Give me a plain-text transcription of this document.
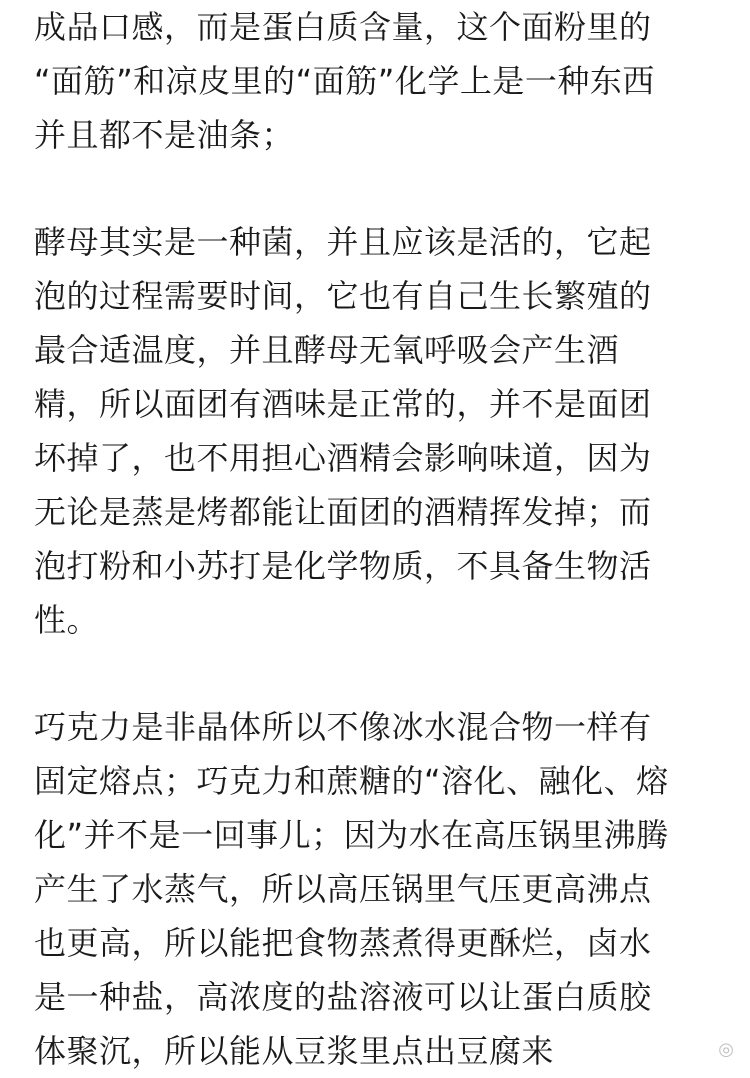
成品口感，而是蛋白质含量，这个面粉里的
“面筋”和凉皮里的“面筋”化学上是一种东西
并且都不是油条；
酵母其实是一种菌，并且应该是活的，它起
泡的过程需要时间，它也有自己生长繁殖的
最合适温度，并且酵母无氧呼吸会产生酒
精，所以面团有酒味是正常的，并不是面团
坏掉了，也不用担心酒精会影响味道，因为
无论是蒸是烤都能让面团的酒精挥发掉；而
泡打粉和小苏打是化学物质，不具备生物活
性。
巧克力是非晶体所以不像冰水混合物一样有
固定熔点；巧克力和蔗糖的“溶化、融化、熔
化”并不是一回事儿；因为水在高压锅里沸腾
产生了水蒸气，所以高压锅里气压更高沸点
也更高，所以能把食物蒸煮得更酥烂，卤水
是一种盐，高浓度的盐溶液可以让蛋白质胶
体聚沉，所以能从豆浆里点出豆腐来	◎
